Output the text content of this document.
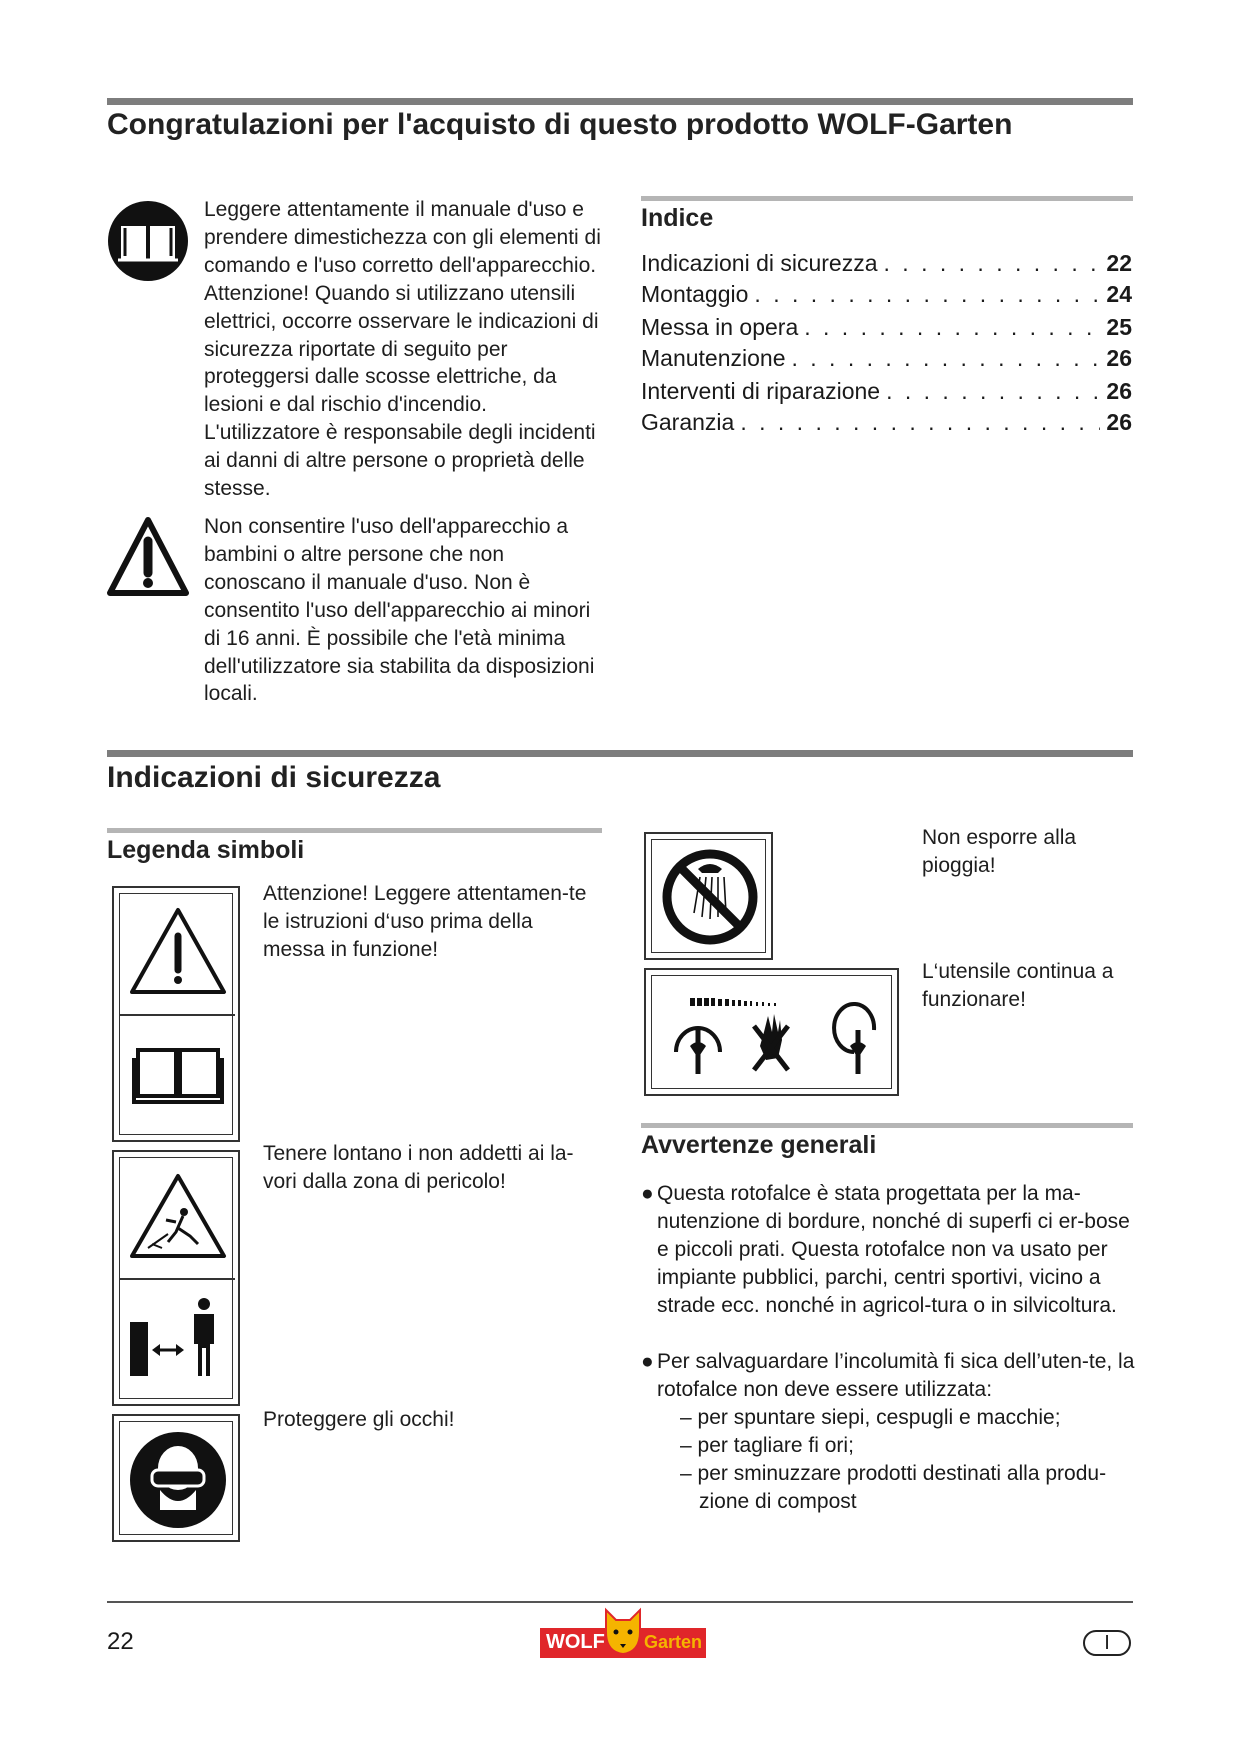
Congratulazioni per l'acquisto di questo prodotto WOLF-Garten
Leggere attentamente il manuale d'uso e prendere dimestichezza con gli elementi di comando e l'uso corretto dell'apparecchio. Attenzione! Quando si utilizzano utensili elettrici, occorre osservare le indicazioni di sicurezza riportate di seguito per proteggersi dalle scosse elettriche, da lesioni e dal rischio d'incendio. L'utilizzatore è responsabile degli incidenti ai danni di altre persone o proprietà delle stesse.
Non consentire l'uso dell'apparecchio a bambini o altre persone che non conoscano il manuale d'uso. Non è consentito l'uso dell'apparecchio ai minori di 16 anni. È possibile che l'età minima dell'utilizzatore sia stabilita da disposizioni locali.
Indice
Indicazioni di sicurezza . . .	22
Montaggio . . .	24
Messa in opera . . .	25
Manutenzione . . .	26
Interventi di riparazione . . .	26
Garanzia . . .	26
Indicazioni di sicurezza
Legenda simboli
Attenzione! Leggere attentamen-te le istruzioni d‘uso prima della messa in funzione!
Tenere lontano i non addetti ai la-vori dalla zona di pericolo!
Proteggere gli occhi!
Non esporre alla pioggia!
L‘utensile continua a funzionare!
Avvertenze generali
● Questa rotofalce è stata progettata per la ma-nutenzione di bordure, nonché di superfi ci er-bose e piccoli prati. Questa rotofalce non va usato per impiante pubblici, parchi, centri sportivi, vicino a strade ecc. nonché in agricol-tura o in silvicoltura.
● Per salvaguardare l’incolumità fi sica dell’uten-te, la rotofalce non deve essere utilizzata:
– per spuntare siepi, cespugli e macchie;
– per tagliare fi ori;
– per sminuzzare prodotti destinati alla produ-zione di compost
22	WOLF Garten	I
